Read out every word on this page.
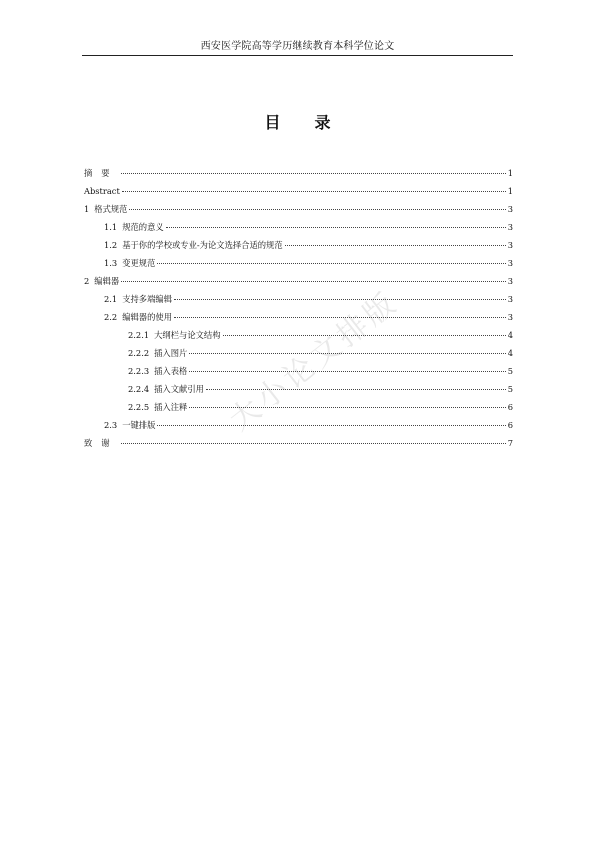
西安医学院高等学历继续教育本科学位论文
目 录
摘要	1
Abstract	1
1 格式规范	3
1.1 规范的意义	3
1.2 基于你的学校或专业-为论文选择合适的规范	3
1.3 变更规范	3
2 编辑器	3
2.1 支持多端编辑	3
2.2 编辑器的使用	3
2.2.1 大纲栏与论文结构	4
2.2.2 插入图片	4
2.2.3 插入表格	5
2.2.4 插入文献引用	5
2.2.5 插入注释	6
2.3 一键排版	6
致谢	7
大小论文排版
